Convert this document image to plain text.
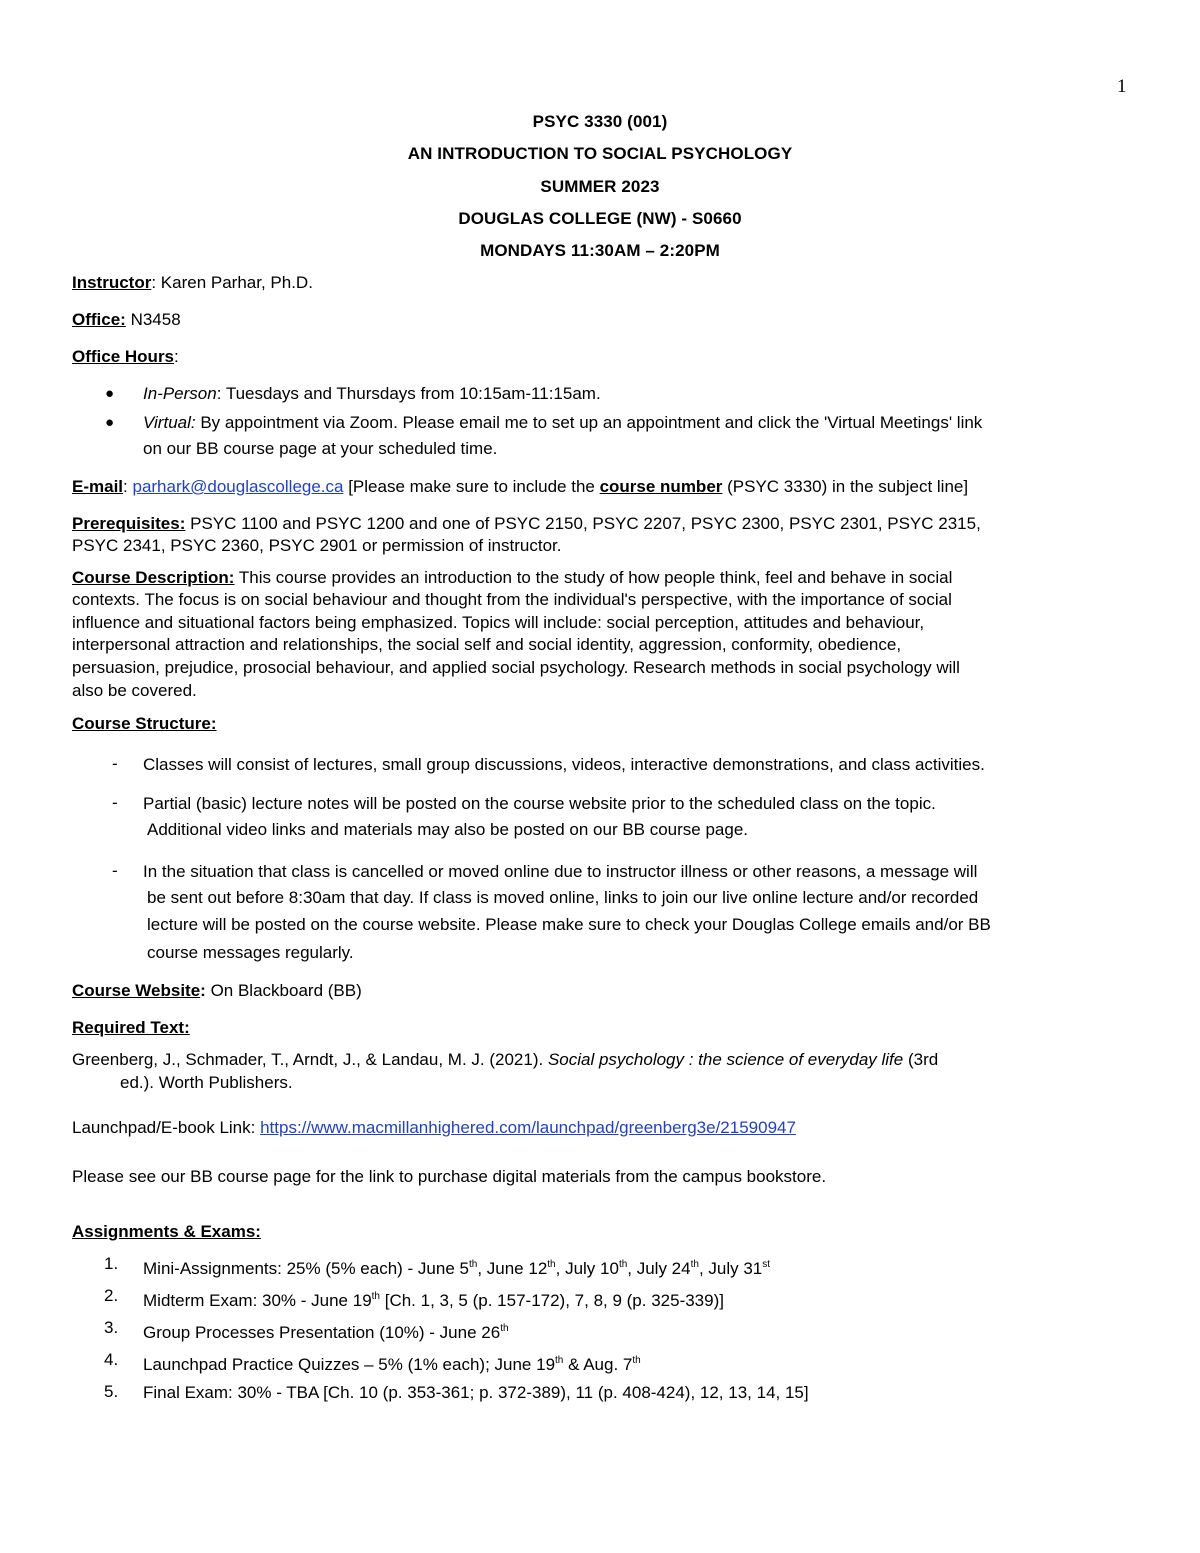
1
PSYC 3330 (001)
AN INTRODUCTION TO SOCIAL PSYCHOLOGY
SUMMER 2023
DOUGLAS COLLEGE (NW) - S0660
MONDAYS 11:30AM – 2:20PM
Instructor: Karen Parhar, Ph.D.
Office: N3458
Office Hours:
● In-Person: Tuesdays and Thursdays from 10:15am-11:15am.
● Virtual: By appointment via Zoom. Please email me to set up an appointment and click the 'Virtual Meetings' link
on our BB course page at your scheduled time.
E-mail: parhark@douglascollege.ca [Please make sure to include the course number (PSYC 3330) in the subject line]
Prerequisites: PSYC 1100 and PSYC 1200 and one of PSYC 2150, PSYC 2207, PSYC 2300, PSYC 2301, PSYC 2315,
PSYC 2341, PSYC 2360, PSYC 2901 or permission of instructor.
Course Description: This course provides an introduction to the study of how people think, feel and behave in social
contexts. The focus is on social behaviour and thought from the individual's perspective, with the importance of social
influence and situational factors being emphasized. Topics will include: social perception, attitudes and behaviour,
interpersonal attraction and relationships, the social self and social identity, aggression, conformity, obedience,
persuasion, prejudice, prosocial behaviour, and applied social psychology. Research methods in social psychology will
also be covered.
Course Structure:
- Classes will consist of lectures, small group discussions, videos, interactive demonstrations, and class activities.
- Partial (basic) lecture notes will be posted on the course website prior to the scheduled class on the topic.
Additional video links and materials may also be posted on our BB course page.
- In the situation that class is cancelled or moved online due to instructor illness or other reasons, a message will
be sent out before 8:30am that day. If class is moved online, links to join our live online lecture and/or recorded
lecture will be posted on the course website. Please make sure to check your Douglas College emails and/or BB
course messages regularly.
Course Website: On Blackboard (BB)
Required Text:
Greenberg, J., Schmader, T., Arndt, J., & Landau, M. J. (2021). Social psychology : the science of everyday life (3rd
ed.). Worth Publishers.
Launchpad/E-book Link: https://www.macmillanhighered.com/launchpad/greenberg3e/21590947
Please see our BB course page for the link to purchase digital materials from the campus bookstore.
Assignments & Exams:
1. Mini-Assignments: 25% (5% each) - June 5th, June 12th, July 10th, July 24th, July 31st
2. Midterm Exam: 30% - June 19th [Ch. 1, 3, 5 (p. 157-172), 7, 8, 9 (p. 325-339)]
3. Group Processes Presentation (10%) - June 26th
4. Launchpad Practice Quizzes – 5% (1% each); June 19th & Aug. 7th
5. Final Exam: 30% - TBA [Ch. 10 (p. 353-361; p. 372-389), 11 (p. 408-424), 12, 13, 14, 15]
